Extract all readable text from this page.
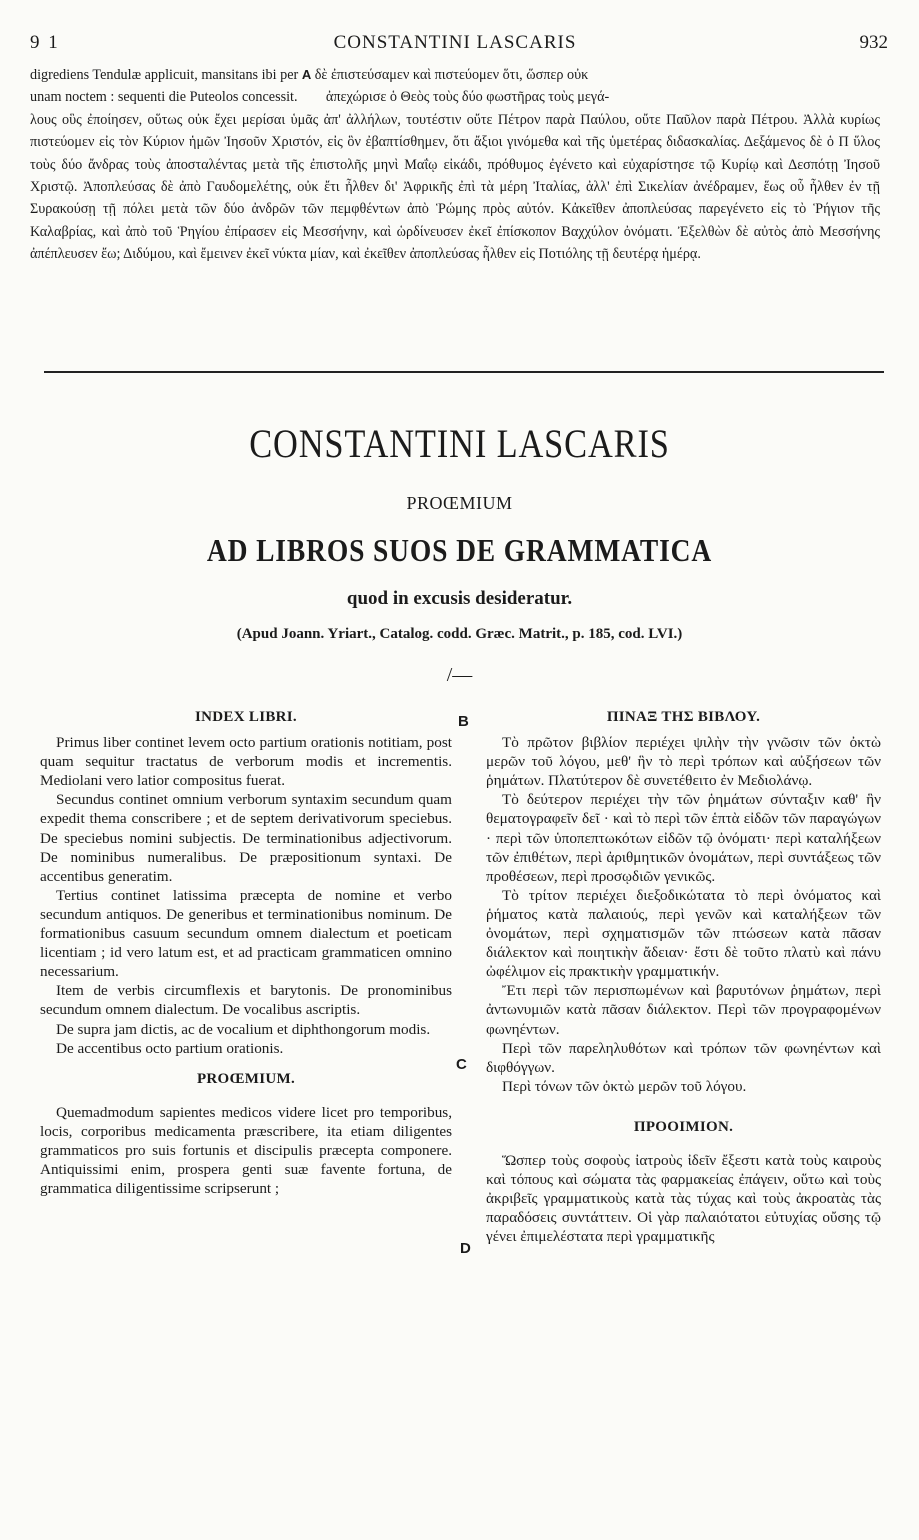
9 1	CONSTANTINI LASCARIS	932

digrediens Tendulæ applicuit, mansitans ibi per A δὲ ἐπιστεύσαμεν καὶ πιστεύομεν ὅτι, ὥσπερ οὐκ

unam noctem : sequenti die Puteolos concessit. ἀπεχώρισε ὁ Θεὸς τοὺς δύο φωστῆρας τοὺς μεγά-

λους οὓς ἐποίησεν, οὕτως οὐκ ἔχει μερίσαι ὑμᾶς ἀπ' ἀλλήλων, τουτέστιν οὔτε Πέτρον παρὰ Παύλου, οὔτε Παῦλον παρὰ Πέτρου. Ἀλλὰ κυρίως πιστεύομεν εἰς τὸν Κύριον ἡμῶν Ἰησοῦν Χριστόν, εἰς ὃν ἐβαπτίσθημεν, ὅτι ἄξιοι γινόμεθα καὶ τῆς ὑμετέρας διδασκαλίας. Δεξάμενος δὲ ὁ Π ὕλος τοὺς δύο ἄνδρας τοὺς ἀποσταλέντας μετὰ τῆς ἐπιστολῆς μηνὶ Μαΐῳ εἰκάδι, πρόθυμος ἐγένετο καὶ εὐχαρίστησε τῷ Κυρίῳ καὶ Δεσπότῃ Ἰησοῦ Χριστῷ. Ἀποπλεύσας δὲ ἀπὸ Γαυδομελέτης, οὐκ ἔτι ἦλθεν δι' Ἀφρικῆς ἐπὶ τὰ μέρη Ἰταλίας, ἀλλ' ἐπὶ Σικελίαν ἀνέδραμεν, ἕως οὗ ἦλθεν ἐν τῇ Συρακούσῃ τῇ πόλει μετὰ τῶν δύο ἀνδρῶν τῶν πεμφθέντων ἀπὸ Ῥώμης πρὸς αὐτόν. Κἀκεῖθεν ἀποπλεύσας παρεγένετο εἰς τὸ Ῥήγιον τῆς Καλαβρίας, καὶ ἀπὸ τοῦ Ῥηγίου ἐπίρασεν εἰς Μεσσήνην, καὶ ὡρδίνευσεν ἐκεῖ ἐπίσκοπον Βαχχύλον ὀνόματι. Ἐξελθὼν δὲ αὐτὸς ἀπὸ Μεσσήνης ἀπέπλευσεν ἔω; Διδύμου, καὶ ἔμεινεν ἐκεῖ νύκτα μίαν, καὶ ἐκεῖθεν ἀποπλεύσας ἦλθεν εἰς Ποτιόλης τῇ δευτέρᾳ ἡμέρᾳ.

CONSTANTINI LASCARIS
PROŒMIUM
AD LIBROS SUOS DE GRAMMATICA
quod in excusis desideratur.
(Apud Joann. Yriart., Catalog. codd. Græc. Matrit., p. 185, cod. LVI.)
/—
B
C
D

INDEX LIBRI.

Primus liber continet levem octo partium orationis notitiam, post quam sequitur tractatus de verborum modis et incrementis. Mediolani vero latior compositus fuerat.

Secundus continet omnium verborum syntaxim secundum quam expedit thema conscribere ; et de septem derivativorum speciebus. De speciebus nomini subjectis. De terminationibus adjectivorum. De nominibus numeralibus. De præpositionum syntaxi. De accentibus generatim.

Tertius continet latissima præcepta de nomine et verbo secundum antiquos. De generibus et terminationibus nominum. De formationibus casuum secundum omnem dialectum et poeticam licentiam ; id vero latum est, et ad practicam grammaticen omnino necessarium.

Item de verbis circumflexis et barytonis. De pronominibus secundum omnem dialectum. De vocalibus ascriptis.

De supra jam dictis, ac de vocalium et diphthongorum modis.

De accentibus octo partium orationis.

PROŒMIUM.

Quemadmodum sapientes medicos videre licet pro temporibus, locis, corporibus medicamenta præscribere, ita etiam diligentes grammaticos pro suis fortunis et discipulis præcepta componere. Antiquissimi enim, prospera genti suæ favente fortuna, de grammatica diligentissime scripserunt ;

ΠΙΝΑΞ ΤΗΣ ΒΙΒΛΟΥ.

Τὸ πρῶτον βιβλίον περιέχει ψιλὴν τὴν γνῶσιν τῶν ὀκτὼ μερῶν τοῦ λόγου, μεθ' ἣν τὸ περὶ τρόπων καὶ αὐξήσεων τῶν ῥημάτων. Πλατύτερον δὲ συνετέθειτο ἐν Μεδιολάνῳ.

Τὸ δεύτερον περιέχει τὴν τῶν ῥημάτων σύνταξιν καθ' ἣν θεματογραφεῖν δεῖ · καὶ τὸ περὶ τῶν ἑπτὰ εἰδῶν τῶν παραγώγων · περὶ τῶν ὑποπεπτωκότων εἰδῶν τῷ ὀνόματι· περὶ καταλήξεων τῶν ἐπιθέτων, περὶ ἀριθμητικῶν ὀνομάτων, περὶ συντάξεως τῶν προθέσεων, περὶ προσῳδιῶν γενικῶς.

Τὸ τρίτον περιέχει διεξοδικώτατα τὸ περὶ ὀνόματος καὶ ῥήματος κατὰ παλαιούς, περὶ γενῶν καὶ καταλήξεων τῶν ὀνομάτων, περὶ σχηματισμῶν τῶν πτώσεων κατὰ πᾶσαν διάλεκτον καὶ ποιητικὴν ἄδειαν· ἔστι δὲ τοῦτο πλατὺ καὶ πάνυ ὠφέλιμον εἰς πρακτικὴν γραμματικήν.

Ἔτι περὶ τῶν περισπωμένων καὶ βαρυτόνων ῥημάτων, περὶ ἀντωνυμιῶν κατὰ πᾶσαν διάλεκτον. Περὶ τῶν προγραφομένων φωνηέντων.

Περὶ τῶν παρεληλυθότων καὶ τρόπων τῶν φωνηέντων καὶ διφθόγγων.

Περὶ τόνων τῶν ὀκτὼ μερῶν τοῦ λόγου.

ΠΡΟΟΙΜΙΟΝ.

Ὥσπερ τοὺς σοφοὺς ἰατροὺς ἰδεῖν ἔξεστι κατὰ τοὺς καιροὺς καὶ τόπους καὶ σώματα τὰς φαρμακείας ἐπάγειν, οὕτω καὶ τοὺς ἀκριβεῖς γραμματικοὺς κατὰ τὰς τύχας καὶ τοὺς ἀκροατὰς τὰς παραδόσεις συντάττειν. Οἱ γὰρ παλαιότατοι εὐτυχίας οὔσης τῷ γένει ἐπιμελέστατα περὶ γραμματικῆς
